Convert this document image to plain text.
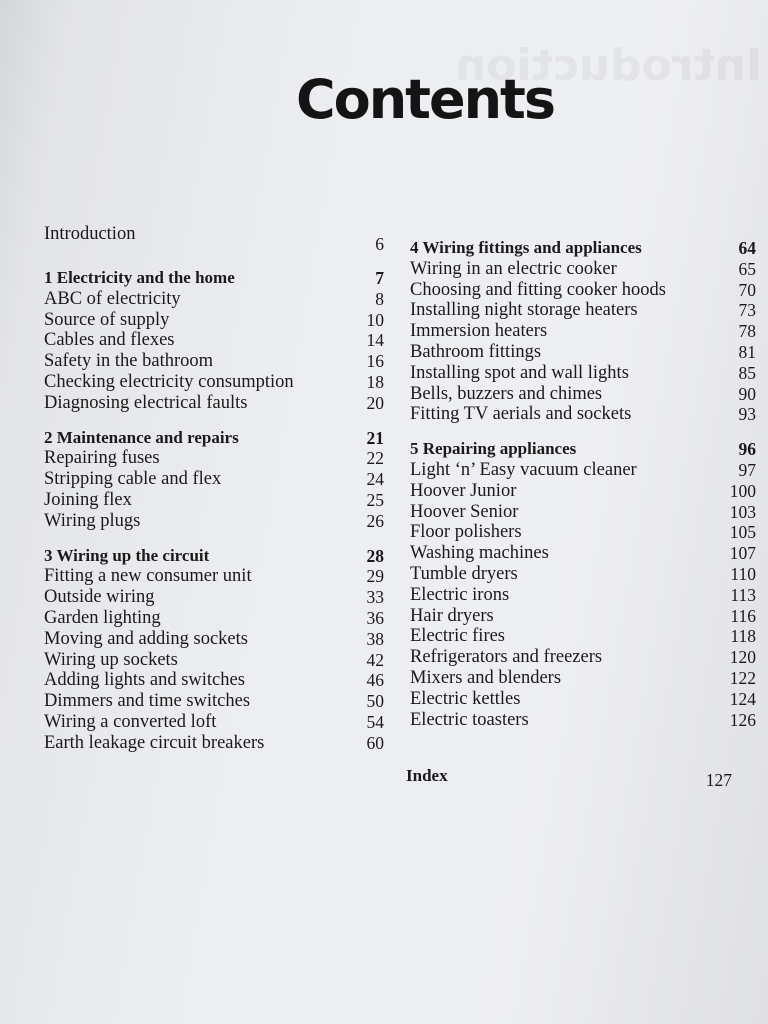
Introduction
Contents
Introduction	6
1 Electricity and the home	7
ABC of electricity	8
Source of supply	10
Cables and flexes	14
Safety in the bathroom	16
Checking electricity consumption	18
Diagnosing electrical faults	20
2 Maintenance and repairs	21
Repairing fuses	22
Stripping cable and flex	24
Joining flex	25
Wiring plugs	26
3 Wiring up the circuit	28
Fitting a new consumer unit	29
Outside wiring	33
Garden lighting	36
Moving and adding sockets	38
Wiring up sockets	42
Adding lights and switches	46
Dimmers and time switches	50
Wiring a converted loft	54
Earth leakage circuit breakers	60
4 Wiring fittings and appliances	64
Wiring in an electric cooker	65
Choosing and fitting cooker hoods	70
Installing night storage heaters	73
Immersion heaters	78
Bathroom fittings	81
Installing spot and wall lights	85
Bells, buzzers and chimes	90
Fitting TV aerials and sockets	93
5 Repairing appliances	96
Light ‘n’ Easy vacuum cleaner	97
Hoover Junior	100
Hoover Senior	103
Floor polishers	105
Washing machines	107
Tumble dryers	110
Electric irons	113
Hair dryers	116
Electric fires	118
Refrigerators and freezers	120
Mixers and blenders	122
Electric kettles	124
Electric toasters	126
Index	127
